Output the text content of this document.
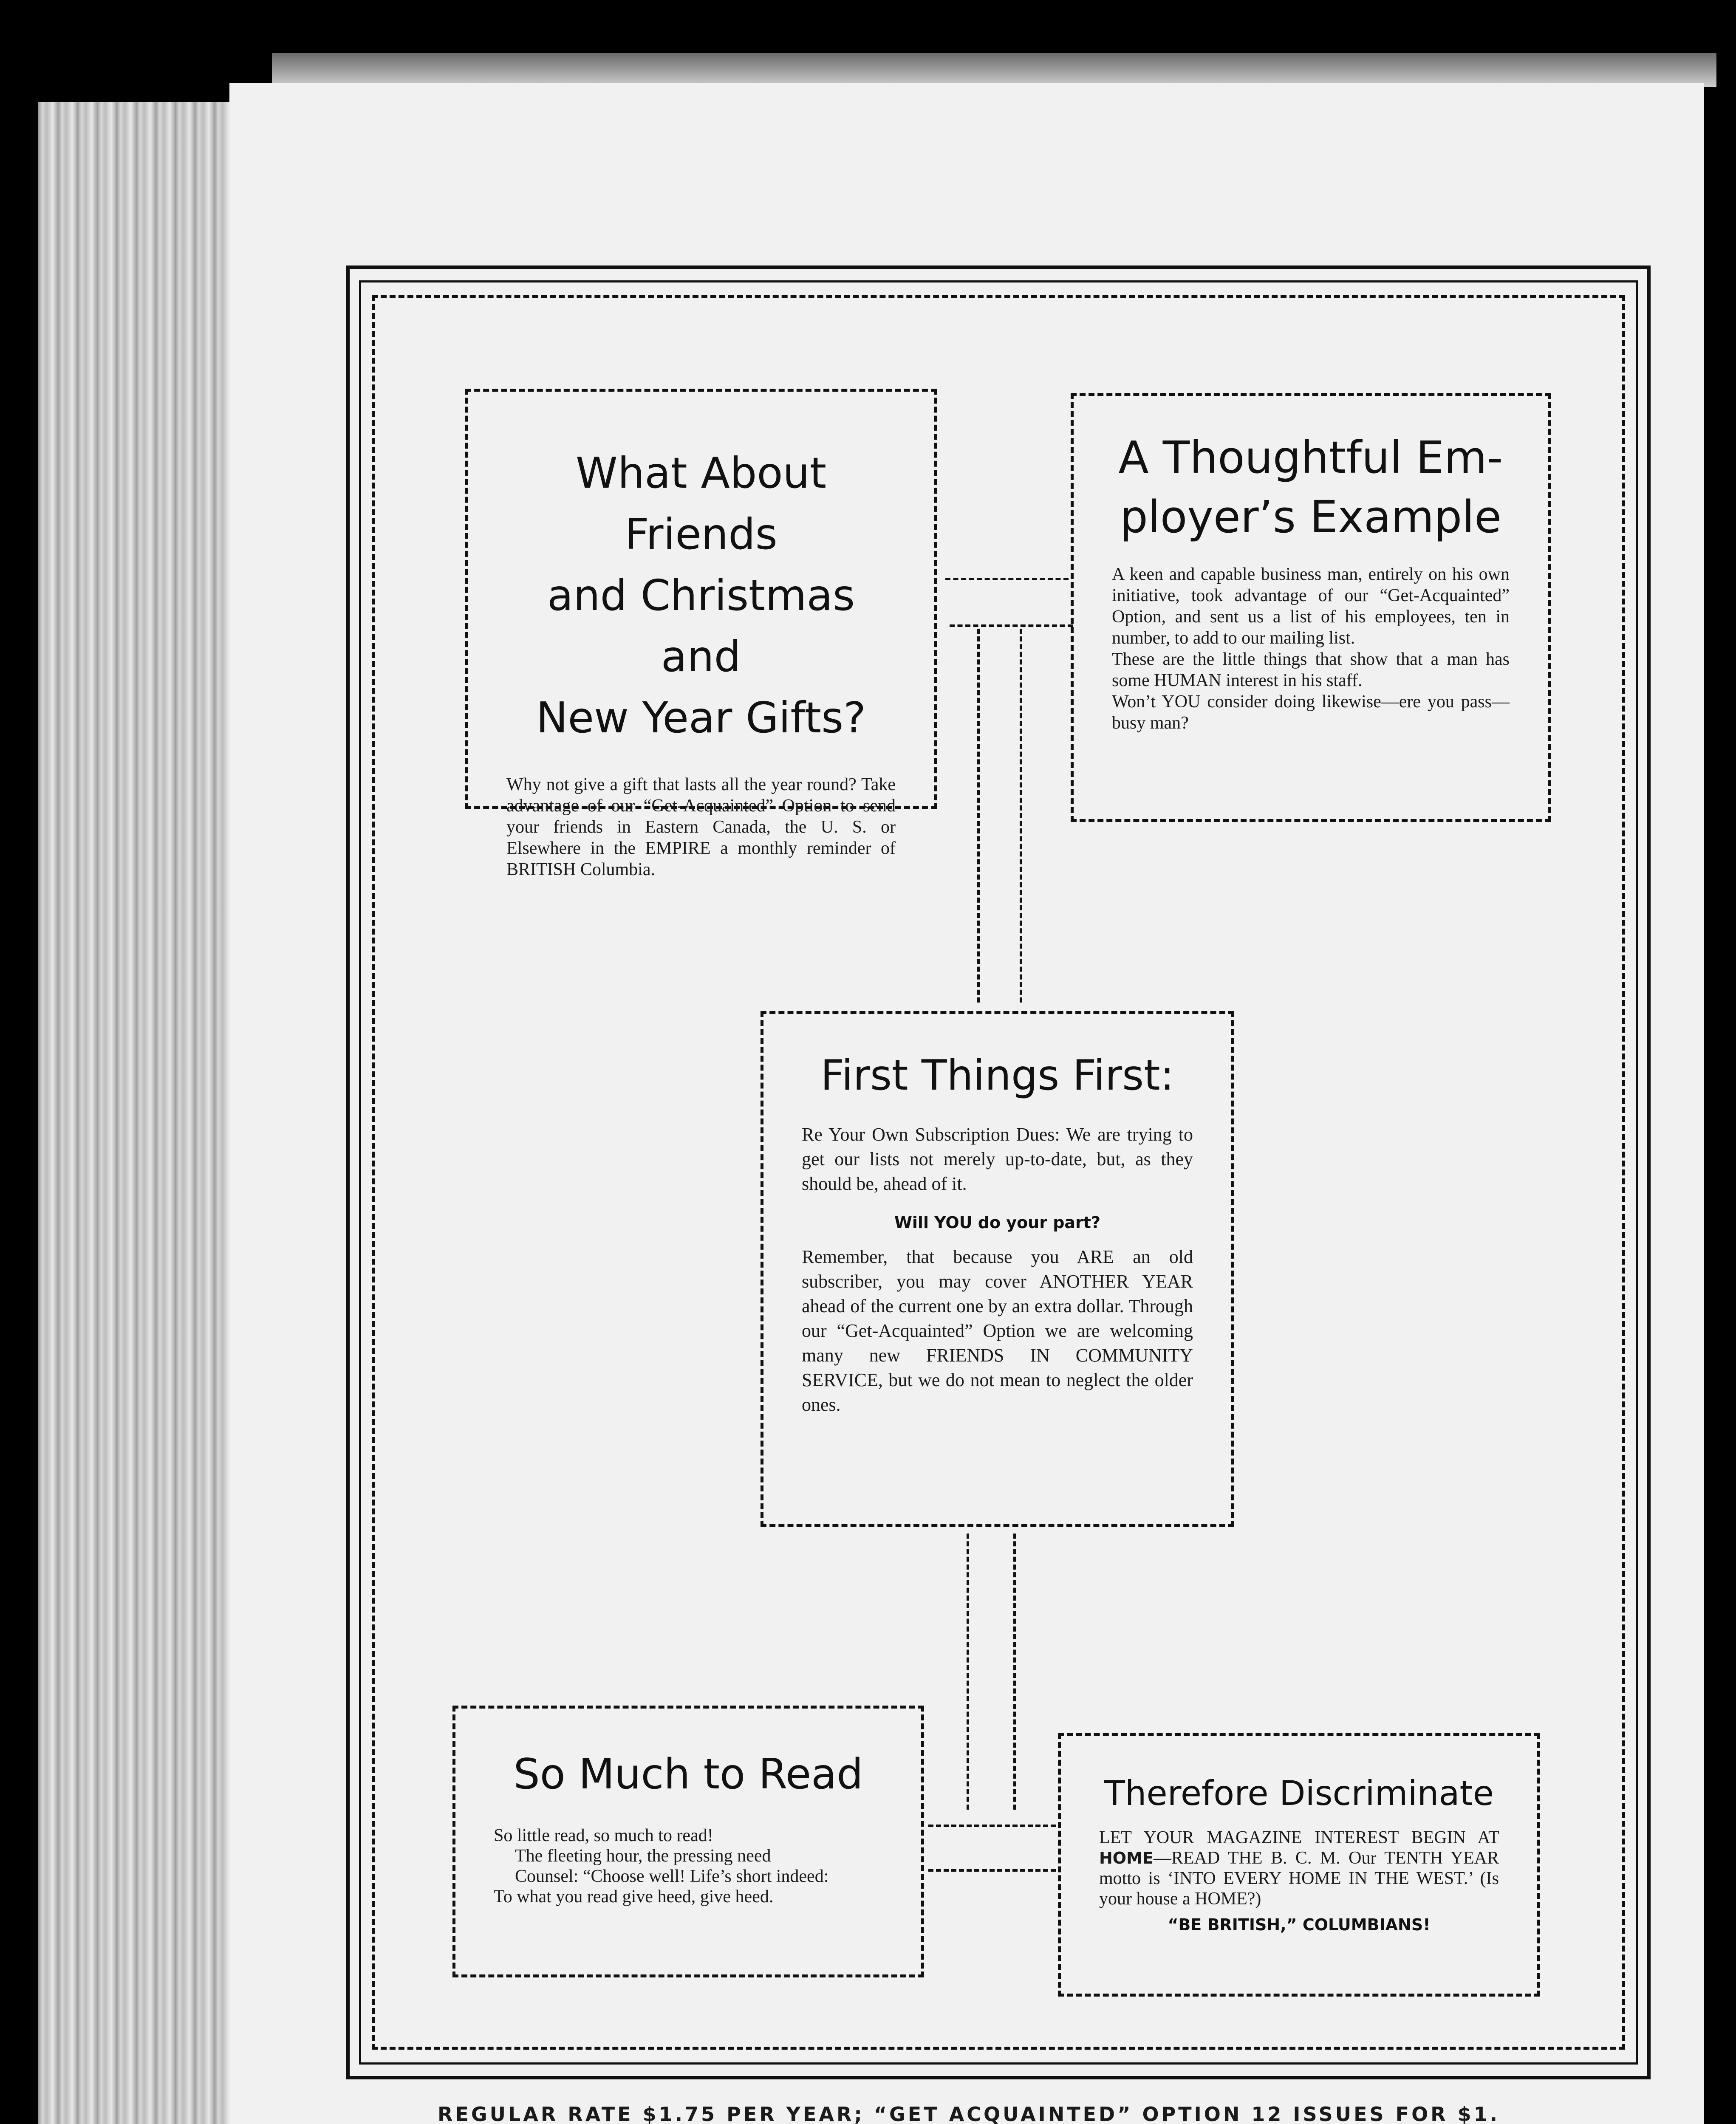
What About Friends
and Christmas and
New Year Gifts?

Why not give a gift that lasts all the year round? Take advantage of our “Get-Acquainted” Option to send your friends in Eastern Canada, the U. S. or Elsewhere in the EMPIRE a monthly reminder of BRITISH Columbia.

A Thoughtful Em-
ployer’s Example

A keen and capable business man, entirely on his own initiative, took advantage of our “Get-Acquainted” Option, and sent us a list of his employees, ten in number, to add to our mailing list.

These are the little things that show that a man has some HUMAN interest in his staff.

Won’t YOU consider doing likewise—ere you pass—busy man?

First Things First:

Re Your Own Subscription Dues: We are trying to get our lists not merely up-to-date, but, as they should be, ahead of it.

Will YOU do your part?

Remember, that because you ARE an old subscriber, you may cover ANOTHER YEAR ahead of the current one by an extra dollar. Through our “Get-Acquainted” Option we are welcoming many new FRIENDS IN COMMUNITY SERVICE, but we do not mean to neglect the older ones.

So Much to Read
So little read, so much to read!
The fleeting hour, the pressing need
Counsel: “Choose well! Life’s short indeed:
To what you read give heed, give heed.
Therefore Discriminate

LET YOUR MAGAZINE INTEREST BEGIN AT HOME—READ THE B. C. M. Our TENTH YEAR motto is ‘INTO EVERY HOME IN THE WEST.’ (Is your house a HOME?)

“BE BRITISH,” COLUMBIANS!

REGULAR RATE $1.75 PER YEAR; “GET ACQUAINTED” OPTION 12 ISSUES FOR $1.
